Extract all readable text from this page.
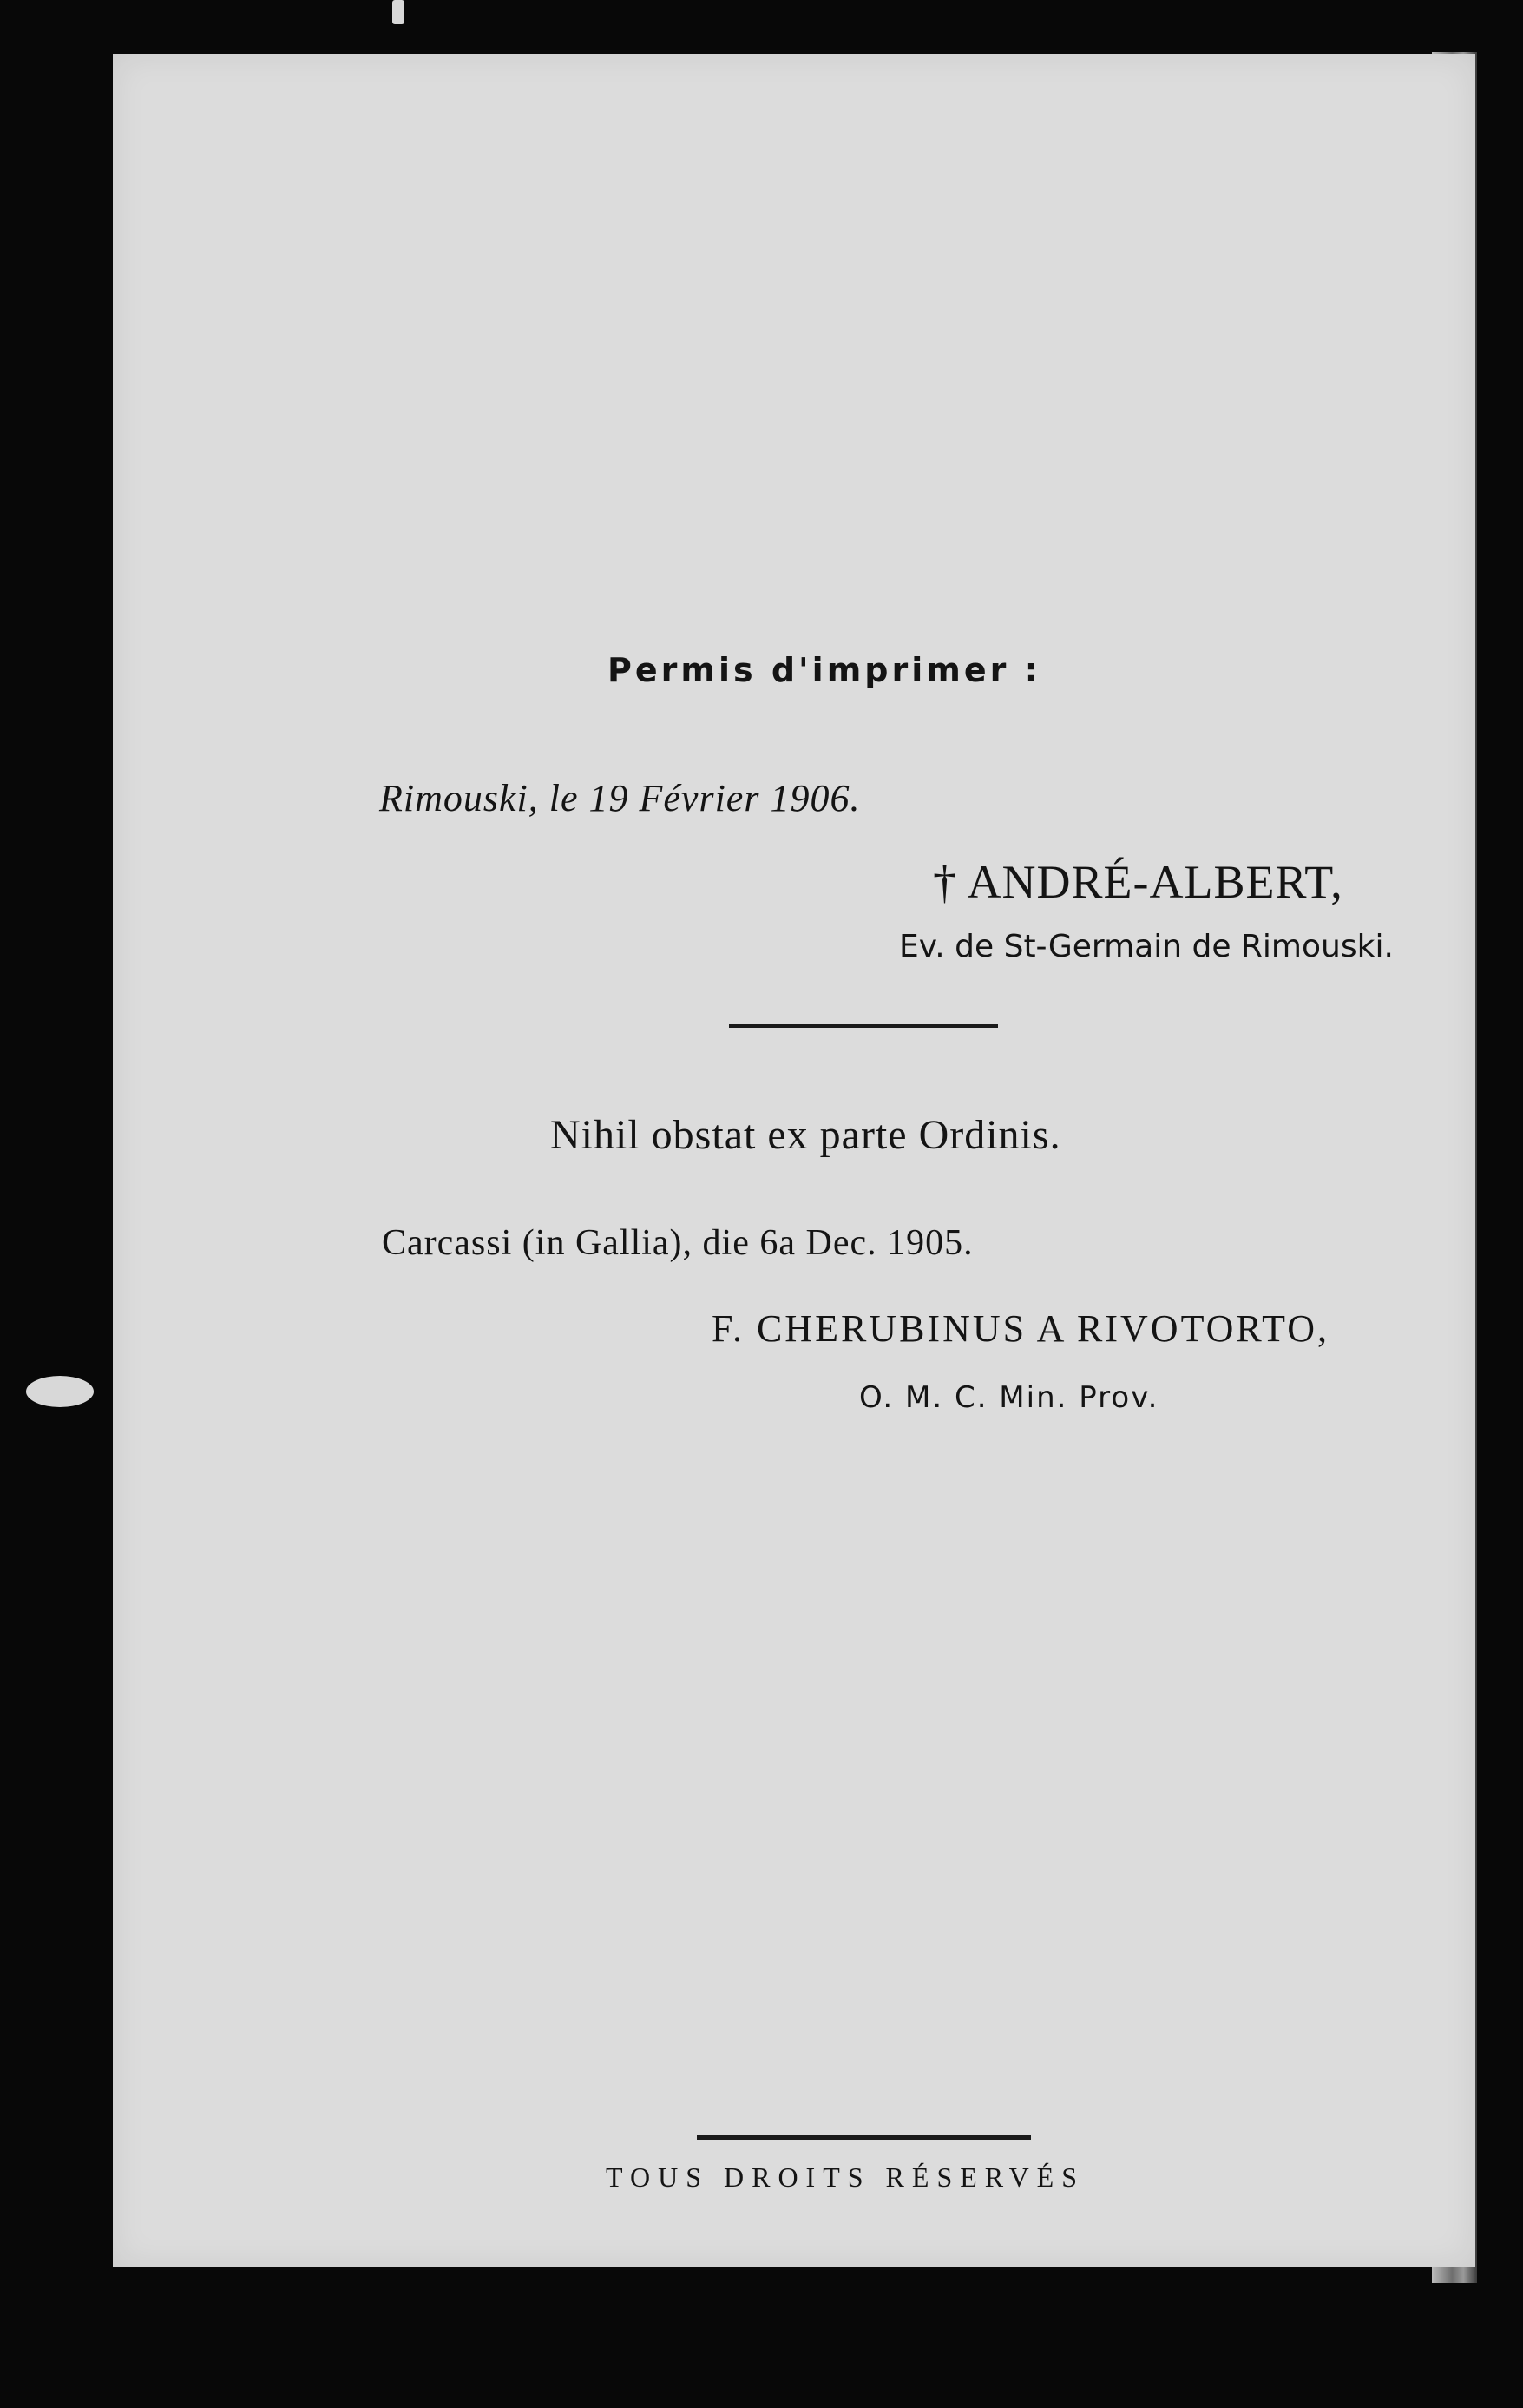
Permis d'imprimer :
Rimouski, le 19 Février 1906.
† ANDRÉ-ALBERT,
Ev. de St-Germain de Rimouski.
Nihil obstat ex parte Ordinis.
Carcassi (in Gallia), die 6a Dec. 1905.
F. CHERUBINUS A RIVOTORTO,
O. M. C. Min. Prov.
TOUS DROITS RÉSERVÉS
